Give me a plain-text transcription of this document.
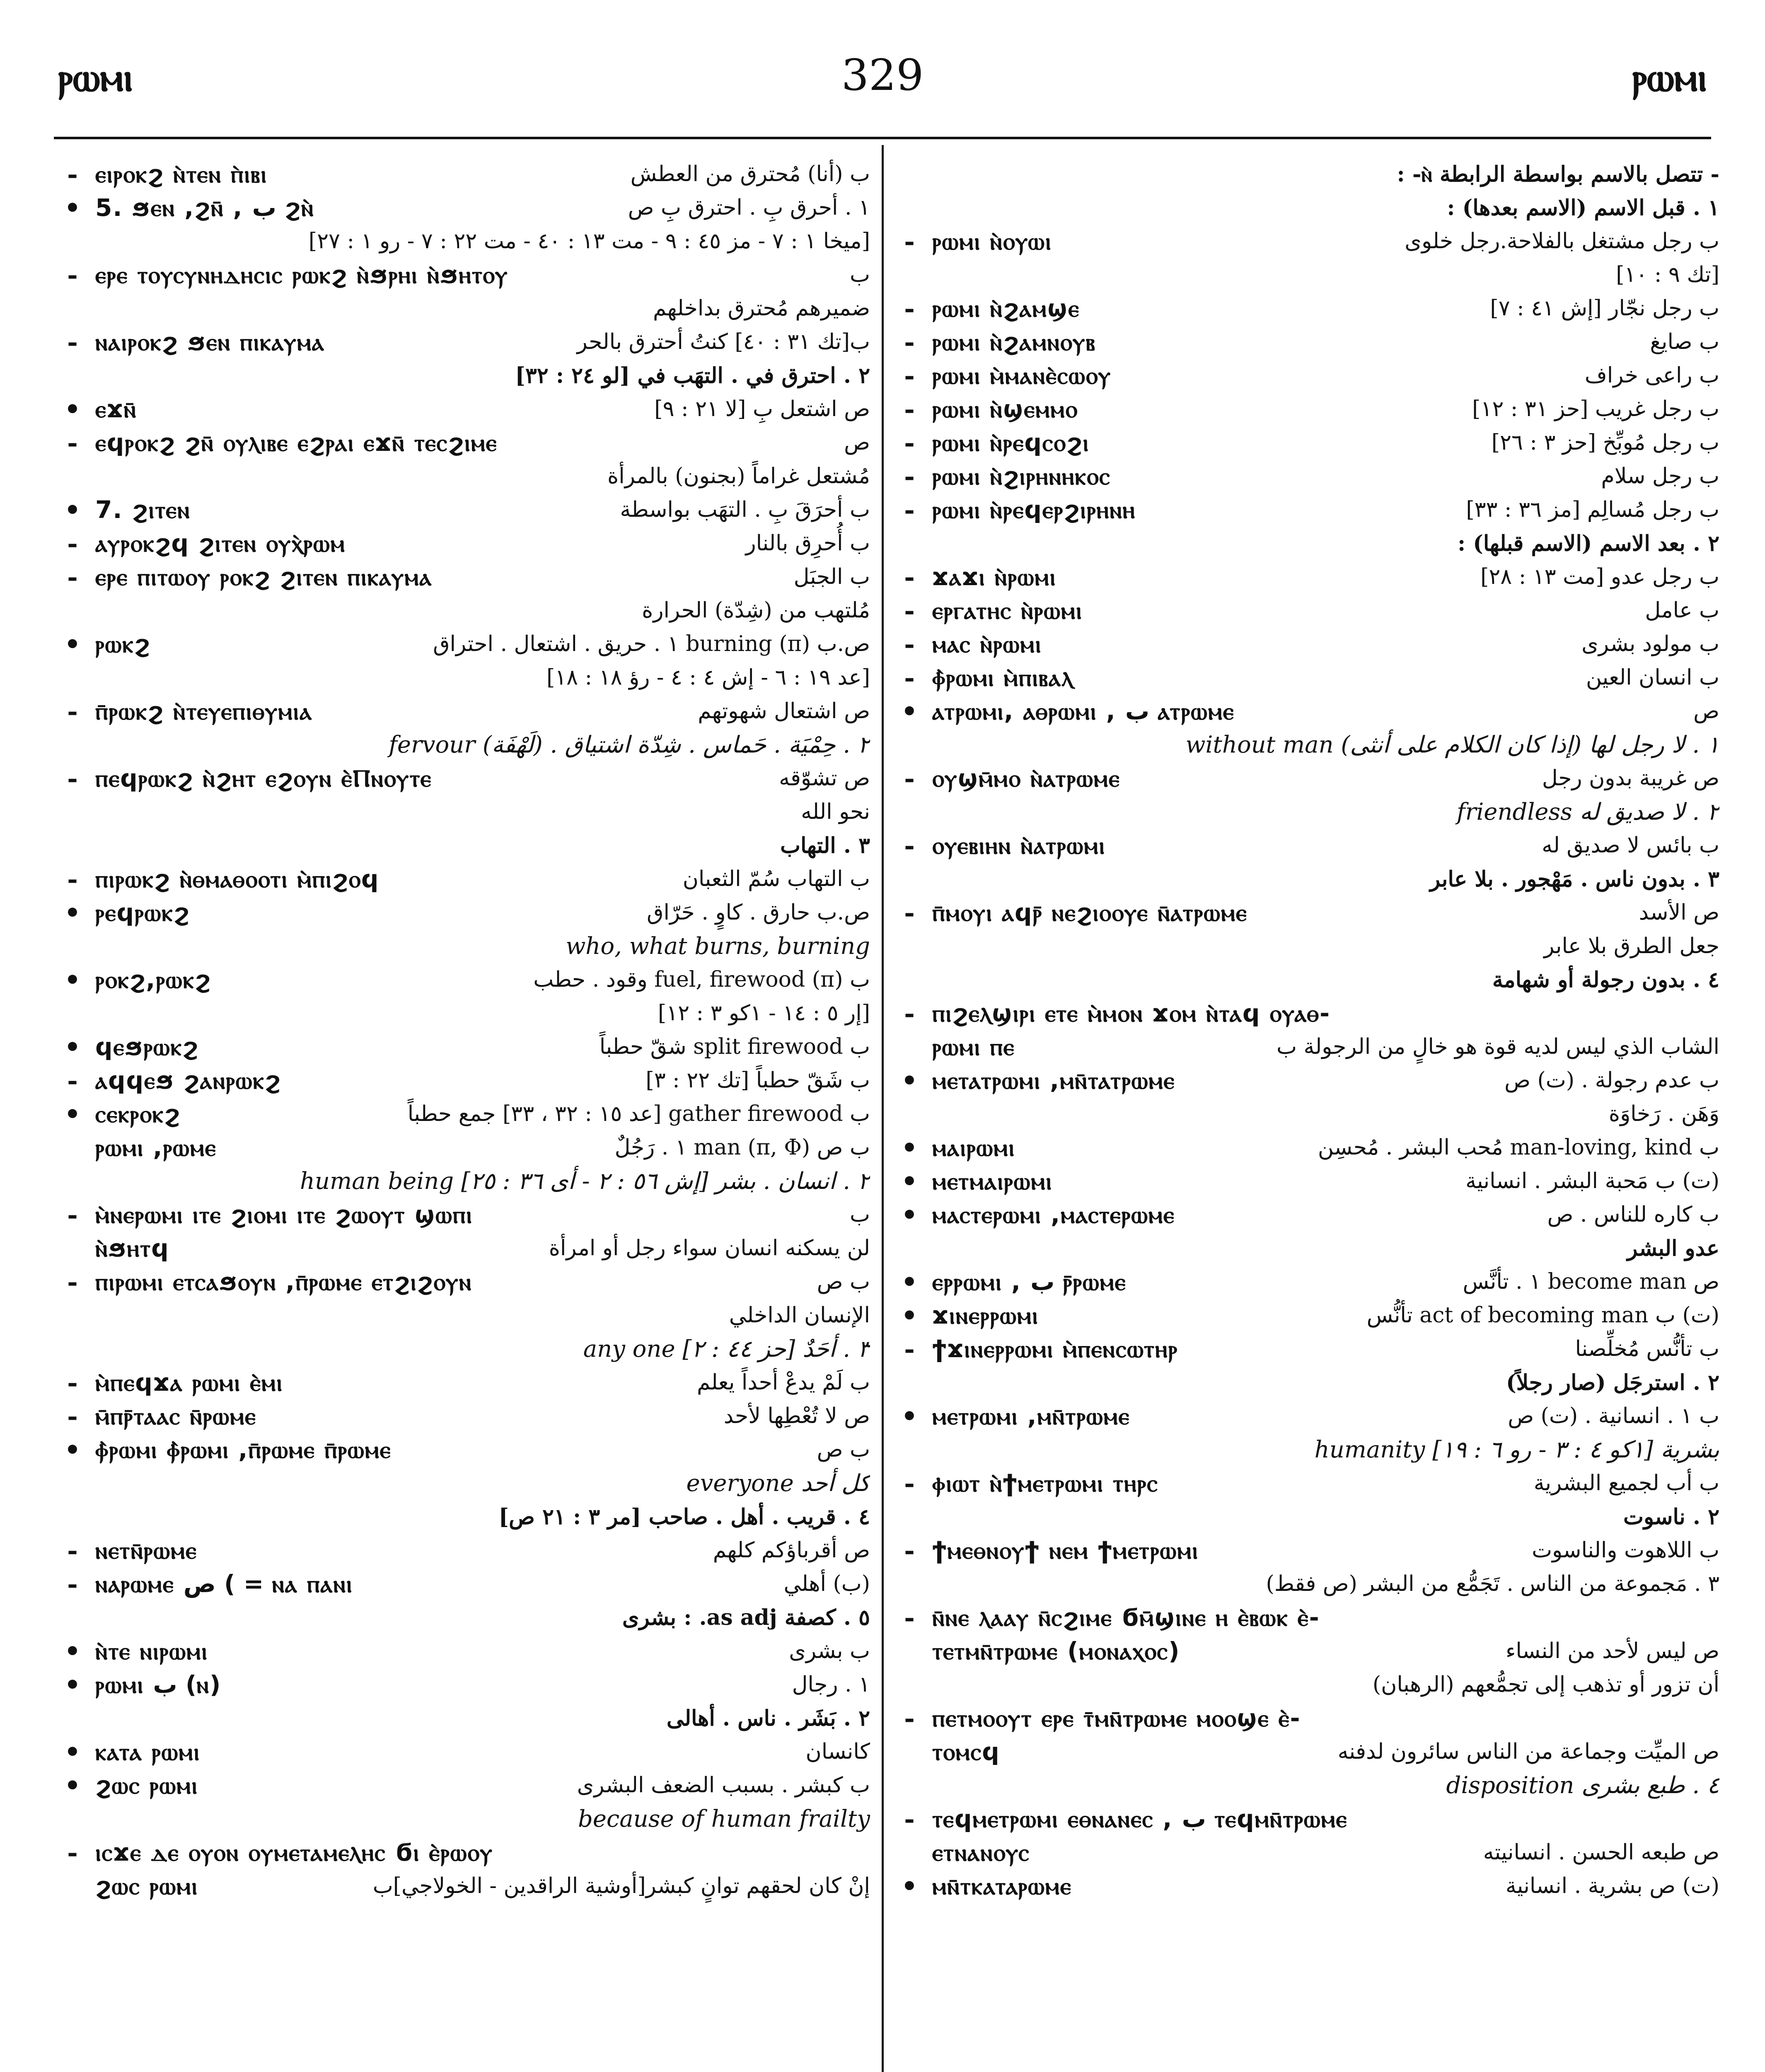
ⲣⲱⲙⲓ	329	ⲣⲱⲙⲓ
- ⲉⲓⲣⲟⲕϩ ⲛ̀ⲧⲉⲛ ⲡ̀ⲓⲃⲓ	ب (أنا) مُحترق من العطش
• 5. ϧⲉⲛ ,ϩⲛ̄ , ب ϩⲛ̀	١ . أحرق بِ . احترق بِ ص
[ميخا ١ : ٧ - مز ٤٥ : ٩ - مت ١٣ : ٤٠ - مت ٢٢ : ٧ - رو ١ : ٢٧]
- ⲉⲣⲉ ⲧⲟⲩⲥⲩⲛⲏⲇⲏⲥⲓⲥ ⲣⲱⲕϩ ⲛ̀ϧⲣⲏⲓ ⲛ̀ϧⲏⲧⲟⲩ	ب
ضميرهم مُحترق بداخلهم
- ⲛⲁⲓⲣⲟⲕϩ ϧⲉⲛ ⲡⲓⲕⲁⲩⲙⲁ	ب[تك ٣١ : ٤٠] كنتُ أحترق بالحر
٢ . احترق في . التهَب في [لو ٢٤ : ٣٢]
• ⲉϫⲛ̄	ص اشتعل بِ [لا ٢١ : ٩]
- ⲉϥⲣⲟⲕϩ ϩⲛ̄ ⲟⲩⲗⲓⲃⲉ ⲉϩⲣⲁⲓ ⲉϫⲛ̄ ⲧⲉⲥϩⲓⲙⲉ	ص
مُشتعل غراماً (بجنون) بالمرأة
• 7. ϩⲓⲧⲉⲛ	ب أحرَقَ بِ . التهَب بواسطة
- ⲁⲩⲣⲟⲕϩϥ ϩⲓⲧⲉⲛ ⲟⲩⲭ̀ⲣⲱⲙ	ب أُحرِق بالنار
- ⲉⲣⲉ ⲡⲓⲧⲱⲟⲩ ⲣⲟⲕϩ ϩⲓⲧⲉⲛ ⲡⲓⲕⲁⲩⲙⲁ	ب الجبَل
مُلتهب من (شِدّة) الحرارة
• ⲣⲱⲕϩ	ص.ب (π) burning ١ . حريق . اشتعال . احتراق
[عد ١٩ : ٦ - إش ٤ : ٤ - رؤ ١٨ : ١٨]
- ⲡ̄ⲣⲱⲕϩ ⲛ̀ⲧⲉⲩⲉⲡⲓⲑⲩⲙⲓⲁ	ص اشتعال شهوتهم
fervour ٢ . حِمْيَة . حَماس . شِدّة اشتياق . (لَهْفَة)
- ⲡⲉϥⲣⲱⲕϩ ⲛ̀ϩⲏⲧ ⲉϩⲟⲩⲛ ⲉ̀Ⲡⲛⲟⲩⲧⲉ	ص تشوّقه
نحو الله
٣ . التهاب
- ⲡⲓⲣⲱⲕϩ ⲛ̀ⲑⲙⲁⲑⲟⲟⲧⲓ ⲙ̀ⲡⲓϩⲟϥ	ب التهاب سُمّ الثعبان
• ⲣⲉϥⲣⲱⲕϩ	ص.ب حارق . كاوٍ . حَرّاق
who, what burns, burning
• ⲣⲟⲕϩ,ⲣⲱⲕϩ	ب (π) fuel, firewood وقود . حطب
[إر ٥ : ١٤ - ١كو ٣ : ١٢]
• ϥⲉϧⲣⲱⲕϩ	ب split firewood شقّ حطباً
- ⲁϥϥⲉϧ ϩⲁⲛⲣⲱⲕϩ	ب شَقّ حطباً [تك ٢٢ : ٣]
• ⲥⲉⲕⲣⲟⲕϩ	ب gather firewood [عد ١٥ : ٣٢ ، ٣٣] جمع حطباً
ⲣⲱⲙⲓ ,ⲣⲱⲙⲉ	ب ص (π, Φ) man ١ . رَجُلٌ
human being [إش ٥٦ : ٢ - أى ٣٦ : ٢٥] ٢ . انسان . بشر
- ⲙ̀ⲛⲉⲣⲱⲙⲓ ⲓⲧⲉ ϩⲓⲟⲙⲓ ⲓⲧⲉ ϩⲱⲟⲩⲧ ϣⲱⲡⲓ	ب
ⲛ̀ϧⲏⲧϥ	لن يسكنه انسان سواء رجل أو امرأة
- ⲡⲓⲣⲱⲙⲓ ⲉⲧⲥⲁϧⲟⲩⲛ ,ⲡ̄ⲣⲱⲙⲉ ⲉⲧϩⲓϩⲟⲩⲛ	ب ص
الإنسان الداخلي
any one [حز ٤٤ : ٢] ٣ . أحَدٌ
- ⲙ̀ⲡⲉϥϫⲁ ⲣⲱⲙⲓ ⲉ̀ⲙⲓ	ب لَمْ يدعْ أحداً يعلم
- ⲙ̄ⲡⲣ̄ⲧⲁⲁⲥ ⲛ̄ⲣⲱⲙⲉ	ص لا تُعْطِها لأحد
• ⲫ̀ⲣⲱⲙⲓ ⲫ̀ⲣⲱⲙⲓ ,ⲡ̄ⲣⲱⲙⲉ ⲡ̄ⲣⲱⲙⲉ	ب ص
everyone كل أحد
٤ . قريب . أهل . صاحب [مر ٣ : ٢١ ص]
- ⲛⲉⲧⲛ̄ⲣⲱⲙⲉ	ص أقرباؤكم كلهم
- ⲛⲁⲣⲱⲙⲉ ص ( = ⲛⲁ ⲡⲁⲛⲓ	(ب) أهلي
٥ . كصفة as adj. : بشرى
• ⲛ̀ⲧⲉ ⲛⲓⲣⲱⲙⲓ	ب بشرى
• ⲣⲱⲙⲓ ب (ⲛ)	١ . رجال
٢ . بَشَر . ناس . أهالى
• ⲕⲁⲧⲁ ⲣⲱⲙⲓ	كانسان
• ϩⲱⲥ ⲣⲱⲙⲓ	ب كبشر . بسبب الضعف البشرى
because of human frailty
- ⲓⲥϫⲉ ⲇⲉ ⲟⲩⲟⲛ ⲟⲩⲙⲉⲧⲁⲙⲉⲗⲏⲥ ϭⲓ ⲉ̀ⲣⲱⲟⲩ
ϩⲱⲥ ⲣⲱⲙⲓ	إنْ كان لحقهم توانٍ كبشر[أوشية الراقدين - الخولاجي]ب
- تتصل بالاسم بواسطة الرابطة ⲛ̀- :
١ . قبل الاسم (الاسم بعدها) :
- ⲣⲱⲙⲓ ⲛ̀ⲟⲩⲱⲓ	ب رجل مشتغل بالفلاحة.رجل خلوى
[تك ٩ : ١٠]
- ⲣⲱⲙⲓ ⲛ̀ϩⲁⲙϣⲉ	ب رجل نجّار [إش ٤١ : ٧]
- ⲣⲱⲙⲓ ⲛ̀ϩⲁⲙⲛⲟⲩⲃ	ب صايغ
- ⲣⲱⲙⲓ ⲙ̀ⲙⲁⲛⲉ̀ⲥⲱⲟⲩ	ب راعى خراف
- ⲣⲱⲙⲓ ⲛ̀ϣⲉⲙⲙⲟ	ب رجل غريب [حز ٣١ : ١٢]
- ⲣⲱⲙⲓ ⲛ̀ⲣⲉϥⲥⲟϩⲓ	ب رجل مُوبِّخ [حز ٣ : ٢٦]
- ⲣⲱⲙⲓ ⲛ̀ϩⲓⲣⲏⲛⲏⲕⲟⲥ	ب رجل سلام
- ⲣⲱⲙⲓ ⲛ̀ⲣⲉϥⲉⲣϩⲓⲣⲏⲛⲏ	ب رجل مُسالِم [مز ٣٦ : ٣٣]
٢ . بعد الاسم (الاسم قبلها) :
- ϫⲁϫⲓ ⲛ̀ⲣⲱⲙⲓ	ب رجل عدو [مت ١٣ : ٢٨]
- ⲉⲣⲅⲁⲧⲏⲥ ⲛ̀ⲣⲱⲙⲓ	ب عامل
- ⲙⲁⲥ ⲛ̀ⲣⲱⲙⲓ	ب مولود بشرى
- ⲫ̀ⲣⲱⲙⲓ ⲙ̀ⲡⲓⲃⲁⲗ	ب انسان العين
• ⲁⲧⲣⲱⲙⲓ, ⲁⲑⲣⲱⲙⲓ , ب ⲁⲧⲣⲱⲙⲉ	ص
without man ١ . لا رجل لها (إذا كان الكلام على أنثى)
- ⲟⲩϣⲙ̄ⲙⲟ ⲛ̀ⲁⲧⲣⲱⲙⲉ	ص غريبة بدون رجل
friendless ٢ . لا صديق له
- ⲟⲩⲉⲃⲓⲏⲛ ⲛ̀ⲁⲧⲣⲱⲙⲓ	ب بائس لا صديق له
٣ . بدون ناس . مَهْجور . بلا عابر
- ⲡ̄ⲙⲟⲩⲓ ⲁϥⲣ̄ ⲛⲉϩⲓⲟⲟⲩⲉ ⲛ̄ⲁⲧⲣⲱⲙⲉ	ص الأسد
جعل الطرق بلا عابر
٤ . بدون رجولة أو شهامة
- ⲡⲓϩⲉⲗϣⲓⲣⲓ ⲉⲧⲉ ⲙ̀ⲙⲟⲛ ϫⲟⲙ ⲛ̀ⲧⲁϥ ⲟⲩⲁⲑ-
ⲣⲱⲙⲓ ⲡⲉ	الشاب الذي ليس لديه قوة هو خالٍ من الرجولة ب
• ⲙⲉⲧⲁⲧⲣⲱⲙⲓ ,ⲙⲛ̄ⲧⲁⲧⲣⲱⲙⲉ	ب عدم رجولة . (ت) ص
وَهَن . رَخاوَة
• ⲙⲁⲓⲣⲱⲙⲓ	ب man-loving, kind مُحب البشر . مُحسِن
• ⲙⲉⲧⲙⲁⲓⲣⲱⲙⲓ	(ت) ب مَحبة البشر . انسانية
• ⲙⲁⲥⲧⲉⲣⲱⲙⲓ ,ⲙⲁⲥⲧⲉⲣⲱⲙⲉ	ب كاره للناس . ص
عدو البشر
• ⲉⲣⲣⲱⲙⲓ , ب ⲣ̄ⲣⲱⲙⲉ	ص become man ١ . تأنَّس
• ϫⲓⲛⲉⲣⲣⲱⲙⲓ	(ت) ب act of becoming man تأنُّس
- ϯϫⲓⲛⲉⲣⲣⲱⲙⲓ ⲙ̀ⲡⲉⲛⲥⲱⲧⲏⲣ	ب تأنُّس مُخلِّصنا
٢ . استرجَل (صار رجلاً)
• ⲙⲉⲧⲣⲱⲙⲓ ,ⲙⲛ̄ⲧⲣⲱⲙⲉ	ب ١ . انسانية . (ت) ص
humanity [١كو ٤ : ٣ - رو ٦ : ١٩] بشرية
- ⲫⲓⲱⲧ ⲛ̀ϯⲙⲉⲧⲣⲱⲙⲓ ⲧⲏⲣⲥ	ب أب لجميع البشرية
٢ . ناسوت
- ϯⲙⲉⲑⲛⲟⲩϯ ⲛⲉⲙ ϯⲙⲉⲧⲣⲱⲙⲓ	ب اللاهوت والناسوت
٣ . مَجموعة من الناس . تَجَمُّع من البشر (ص فقط)
- ⲛ̄ⲛⲉ ⲗⲁⲁⲩ ⲛ̄ⲥϩⲓⲙⲉ ϭⲙ̄ϣⲓⲛⲉ ⲏ ⲉ̀ⲃⲱⲕ ⲉ̀-
ⲧⲉⲧⲙⲛ̄ⲧⲣⲱⲙⲉ (ⲙⲟⲛⲁⲭⲟⲥ)	ص ليس لأحد من النساء
أن تزور أو تذهب إلى تجمُّعهم (الرهبان)
- ⲡⲉⲧⲙⲟⲟⲩⲧ ⲉⲣⲉ ⲧ̄ⲙⲛ̄ⲧⲣⲱⲙⲉ ⲙⲟⲟϣⲉ ⲉ̀-
ⲧⲟⲙⲥϥ	ص الميِّت وجماعة من الناس سائرون لدفنه
disposition ٤ . طبع بشرى
- ⲧⲉϥⲙⲉⲧⲣⲱⲙⲓ ⲉⲑⲛⲁⲛⲉⲥ , ب ⲧⲉϥⲙⲛ̄ⲧⲣⲱⲙⲉ
ⲉⲧⲛⲁⲛⲟⲩⲥ	ص طبعه الحسن . انسانيته
• ⲙⲛ̄ⲧⲕⲁⲧⲁⲣⲱⲙⲉ	(ت) ص بشرية . انسانية
